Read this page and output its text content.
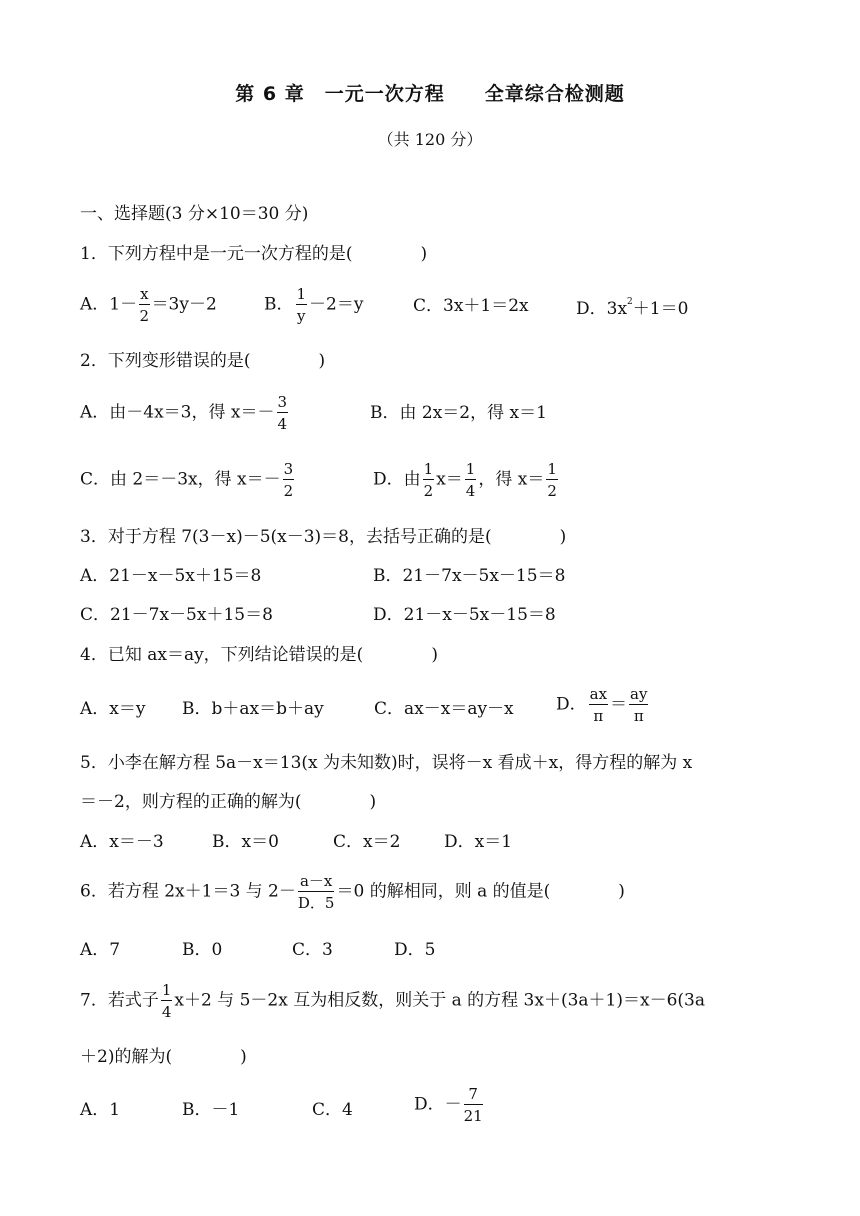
第 6 章　一元一次方程　　全章综合检测题
（共 120 分）
一、选择题(3 分×10＝30 分)
1．下列方程中是一元一次方程的是(　　　　)
A．$1- \frac{x}{2} =3y-2$	B． $\frac{1}{y} -2=y$	C．3x＋1＝2x	D．$3x^2+1=0$
2．下列变形错误的是(　　　　)
A．由－4x＝3，得 $x=- \frac{3}{4}$	B．由 2x＝2，得 x＝1
C．由 2＝－3x，得 $x=- \frac{3}{2}$	D．由 $\frac{1}{2} x= \frac{1}{4}$ ，得 $x= \frac{1}{2}$
3．对于方程 7(3－x)－5(x－3)＝8，去括号正确的是(　　　　)
A．21－x－5x＋15＝8	B．21－7x－5x－15＝8
C．21－7x－5x＋15＝8	D．21－x－5x－15＝8
4．已知 ax＝ay，下列结论错误的是(　　　　)
A．x＝y B．b＋ax＝b＋ay	C．ax－x＝ay－x D． $\frac{ax}{\pi} = \frac{ay}{\pi}$
5．小李在解方程 5a－x＝13(x 为未知数)时，误将－x 看成＋x，得方程的解为 x
＝－2，则方程的正确的解为(　　　　)
A．x＝－3	B．x＝0	C．x＝2	D．x＝1
6．若方程 2x＋1＝3 与 $2- \frac{a-x}{D.5} =0$ 的解相同，则 a 的值是(　　　　)
A．7	B．0	C．3	D．5
7．若式子 $\frac{1}{4} x+2$ 与 5－2x 互为相反数，则关于 a 的方程 3x＋(3a＋1)＝x－6(3a
＋2)的解为(　　　　)
A．1	B．－1	C．4	D．－ $\frac{7}{21}$
